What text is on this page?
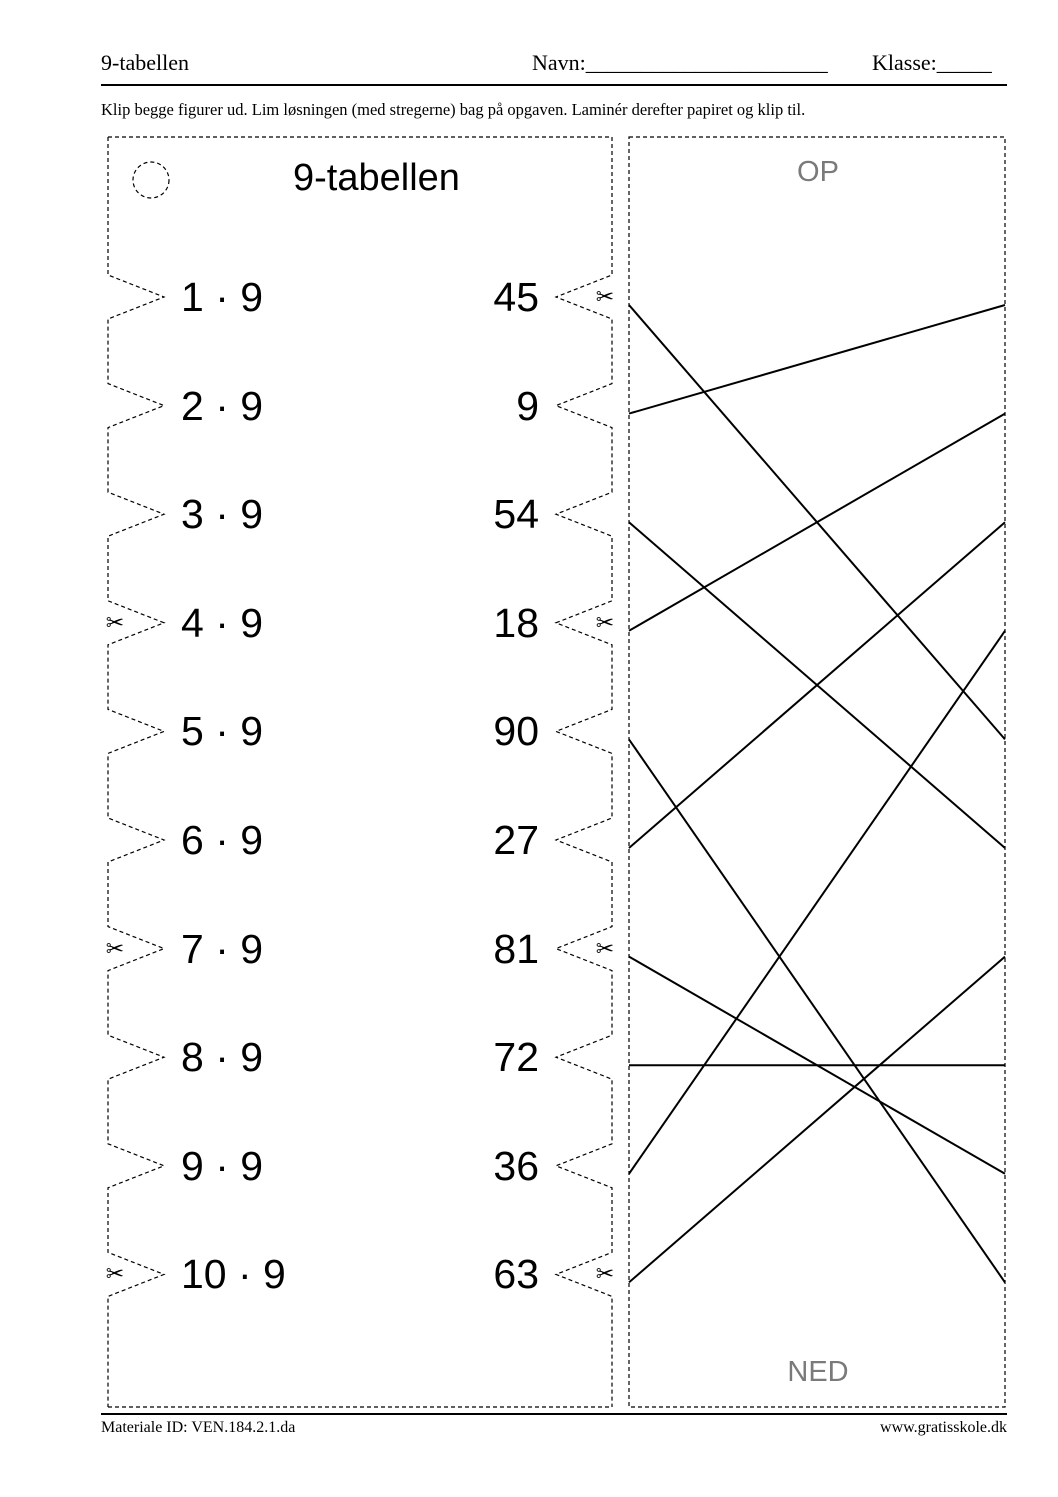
9-tabellen	Navn:______________________ Klasse:_____
Klip begge figurer ud. Lim løsningen (med stregerne) bag på opgaven. Laminér derefter papiret og klip til.
9-tabellen
1 · 9	45
2 · 9	9
3 · 9	54
4 · 9	18
5 · 9	90
6 · 9	27
7 · 9	81
8 · 9	72
9 · 9	36
10 · 9	63
✂
✂
✂
✂
✂
✂
✂
OP
NED
Materiale ID: VEN.184.2.1.da	www.gratisskole.dk
